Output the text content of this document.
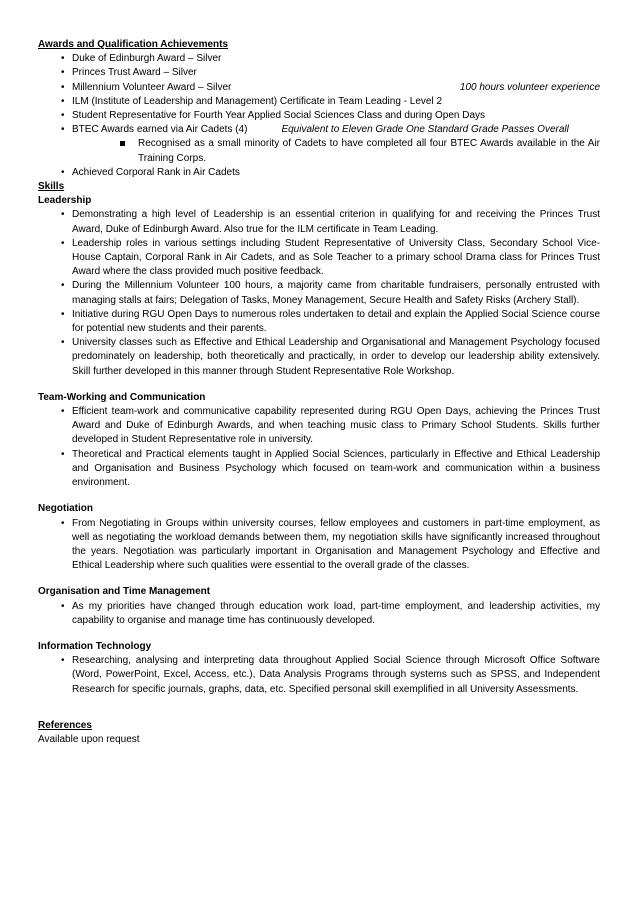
Awards and Qualification Achievements
• Duke of Edinburgh Award – Silver
• Princes Trust Award – Silver
• Millennium Volunteer Award – Silver	100 hours volunteer experience
• ILM (Institute of Leadership and Management) Certificate in Team Leading - Level 2
• Student Representative for Fourth Year Applied Social Sciences Class and during Open Days
• BTEC Awards earned via Air Cadets (4)	Equivalent to Eleven Grade One Standard Grade Passes Overall
Recognised as a small minority of Cadets to have completed all four BTEC Awards available in the Air Training Corps.
• Achieved Corporal Rank in Air Cadets
Skills
Leadership
• Demonstrating a high level of Leadership is an essential criterion in qualifying for and receiving the Princes Trust Award, Duke of Edinburgh Award. Also true for the ILM certificate in Team Leading.
• Leadership roles in various settings including Student Representative of University Class, Secondary School Vice-House Captain, Corporal Rank in Air Cadets, and as Sole Teacher to a primary school Drama class for Princes Trust Award where the class provided much positive feedback.
• During the Millennium Volunteer 100 hours, a majority came from charitable fundraisers, personally entrusted with managing stalls at fairs; Delegation of Tasks, Money Management, Secure Health and Safety Risks (Archery Stall).
• Initiative during RGU Open Days to numerous roles undertaken to detail and explain the Applied Social Science course for potential new students and their parents.
• University classes such as Effective and Ethical Leadership and Organisational and Management Psychology focused predominately on leadership, both theoretically and practically, in order to develop our leadership ability extensively. Skill further developed in this manner through Student Representative Role Workshop.
Team-Working and Communication
• Efficient team-work and communicative capability represented during RGU Open Days, achieving the Princes Trust Award and Duke of Edinburgh Awards, and when teaching music class to Primary School Students. Skills further developed in Student Representative role in university.
• Theoretical and Practical elements taught in Applied Social Sciences, particularly in Effective and Ethical Leadership and Organisation and Business Psychology which focused on team-work and communication within a business environment.
Negotiation
• From Negotiating in Groups within university courses, fellow employees and customers in part-time employment, as well as negotiating the workload demands between them, my negotiation skills have significantly increased throughout the years. Negotiation was particularly important in Organisation and Management Psychology and Effective and Ethical Leadership where such qualities were essential to the overall grade of the classes.
Organisation and Time Management
• As my priorities have changed through education work load, part-time employment, and leadership activities, my capability to organise and manage time has continuously developed.
Information Technology
• Researching, analysing and interpreting data throughout Applied Social Science through Microsoft Office Software (Word, PowerPoint, Excel, Access, etc.), Data Analysis Programs through systems such as SPSS, and Independent Research for specific journals, graphs, data, etc. Specified personal skill exemplified in all University Assessments.
References
Available upon request
